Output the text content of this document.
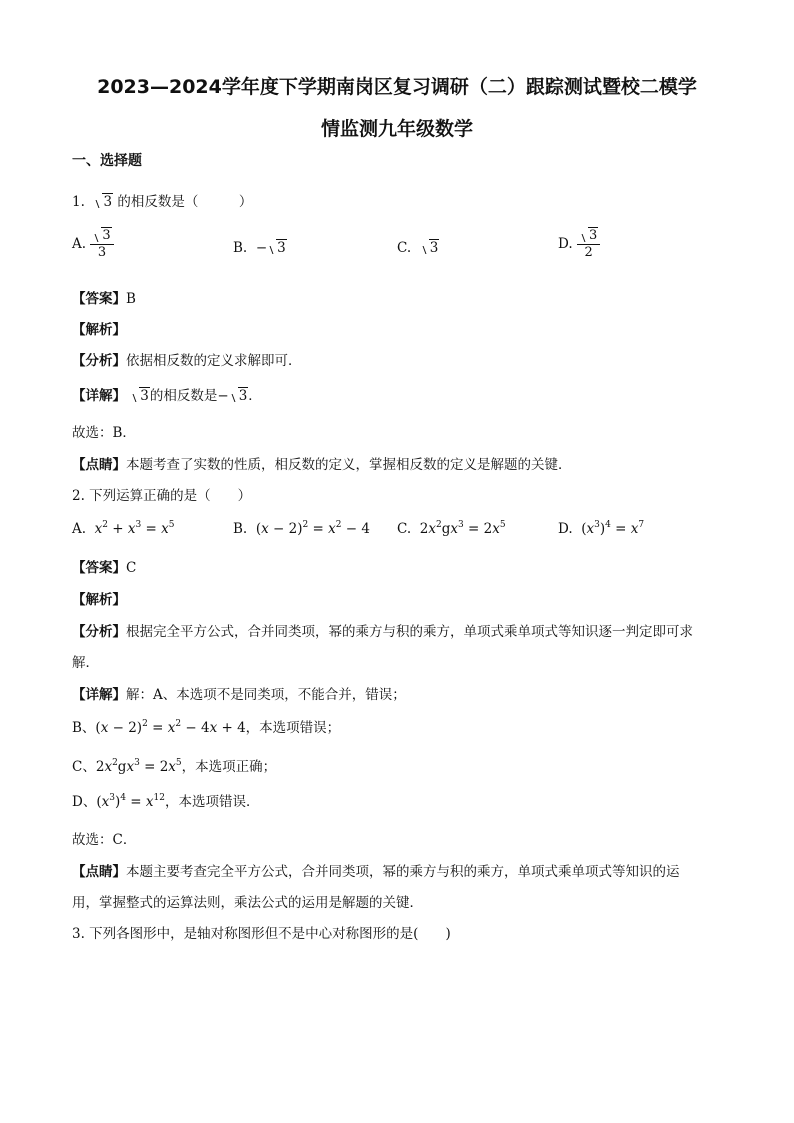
2023—2024学年度下学期南岗区复习调研（二）跟踪测试暨校二模学
情监测九年级数学
一、选择题
1. 3 的相反数是（　　　）
A. $\frac{3}{3}$	B. − 3	C. 3	D. $\frac{3}{2}$
【答案】B
【解析】
【分析】依据相反数的定义求解即可．
【详解】 3的相反数是− 3．
故选：B．
【点睛】本题考查了实数的性质，相反数的定义，掌握相反数的定义是解题的关键．
2. 下列运算正确的是（　　）
A. $x^2 + x^3 = x^5$	B. $(x - 2)^2 = x^2 - 4$ C. $2x^2gx^3 = 2x^5$	D. $(x^3)^4 = x^7$
【答案】C
【解析】
【分析】根据完全平方公式，合并同类项，幂的乘方与积的乘方，单项式乘单项式等知识逐一判定即可求
解．
【详解】解：A、本选项不是同类项，不能合并，错误；
B、$(x - 2)^2 = x^2 - 4x + 4$，本选项错误；
C、$2x^2gx^3 = 2x^5$，本选项正确；
D、$(x^3)^4 = x^{12}$，本选项错误．
故选：C．
【点睛】本题主要考查完全平方公式，合并同类项，幂的乘方与积的乘方，单项式乘单项式等知识的运
用，掌握整式的运算法则，乘法公式的运用是解题的关键．
3. 下列各图形中，是轴对称图形但不是中心对称图形的是(　　)
